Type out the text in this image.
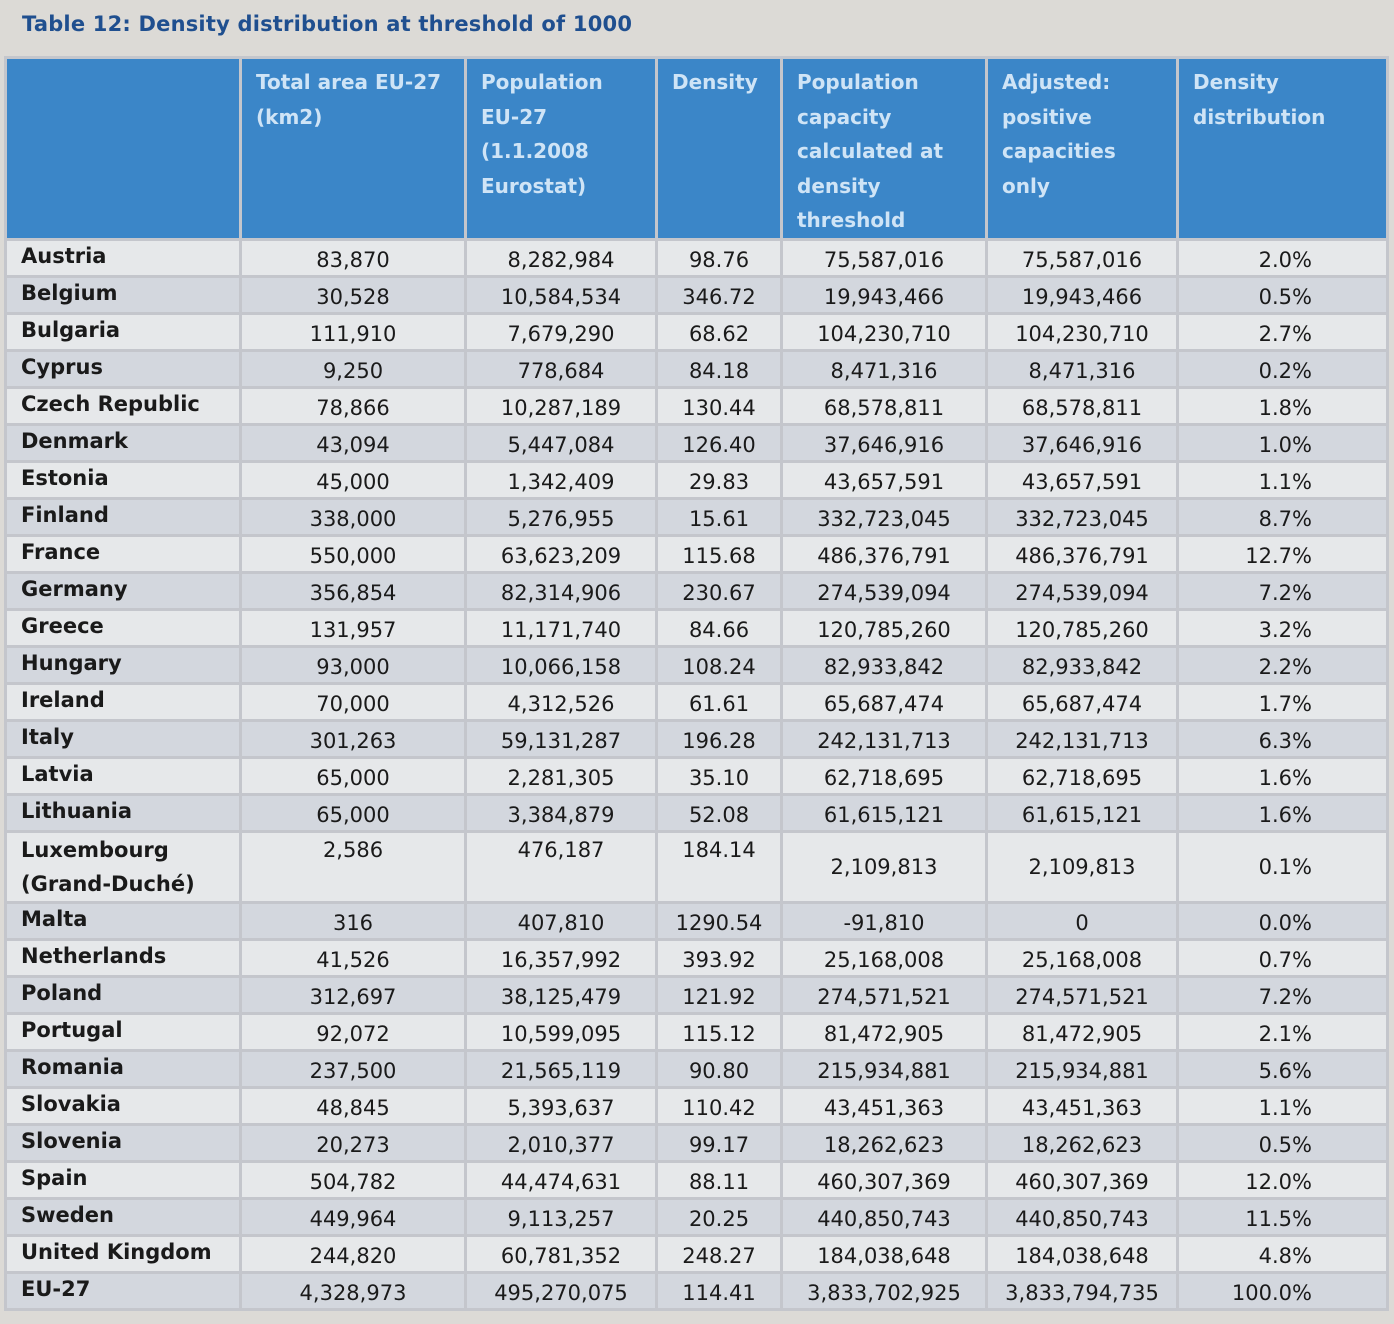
Table 12: Density distribution at threshold of 1000
	Total area EU-27 (km2)	Population EU-27 (1.1.2008 Eurostat)	Density	Population capacity calculated at density threshold	Adjusted: positive capacities only	Density distribution
Austria	83,870	8,282,984	98.76	75,587,016	75,587,016	2.0%
Belgium	30,528	10,584,534	346.72	19,943,466	19,943,466	0.5%
Bulgaria	111,910	7,679,290	68.62	104,230,710	104,230,710	2.7%
Cyprus	9,250	778,684	84.18	8,471,316	8,471,316	0.2%
Czech Republic	78,866	10,287,189	130.44	68,578,811	68,578,811	1.8%
Denmark	43,094	5,447,084	126.40	37,646,916	37,646,916	1.0%
Estonia	45,000	1,342,409	29.83	43,657,591	43,657,591	1.1%
Finland	338,000	5,276,955	15.61	332,723,045	332,723,045	8.7%
France	550,000	63,623,209	115.68	486,376,791	486,376,791	12.7%
Germany	356,854	82,314,906	230.67	274,539,094	274,539,094	7.2%
Greece	131,957	11,171,740	84.66	120,785,260	120,785,260	3.2%
Hungary	93,000	10,066,158	108.24	82,933,842	82,933,842	2.2%
Ireland	70,000	4,312,526	61.61	65,687,474	65,687,474	1.7%
Italy	301,263	59,131,287	196.28	242,131,713	242,131,713	6.3%
Latvia	65,000	2,281,305	35.10	62,718,695	62,718,695	1.6%
Lithuania	65,000	3,384,879	52.08	61,615,121	61,615,121	1.6%
Luxembourg (Grand-Duché)	2,586	476,187	184.14	2,109,813	2,109,813	0.1%
Malta	316	407,810	1290.54	-91,810	0	0.0%
Netherlands	41,526	16,357,992	393.92	25,168,008	25,168,008	0.7%
Poland	312,697	38,125,479	121.92	274,571,521	274,571,521	7.2%
Portugal	92,072	10,599,095	115.12	81,472,905	81,472,905	2.1%
Romania	237,500	21,565,119	90.80	215,934,881	215,934,881	5.6%
Slovakia	48,845	5,393,637	110.42	43,451,363	43,451,363	1.1%
Slovenia	20,273	2,010,377	99.17	18,262,623	18,262,623	0.5%
Spain	504,782	44,474,631	88.11	460,307,369	460,307,369	12.0%
Sweden	449,964	9,113,257	20.25	440,850,743	440,850,743	11.5%
United Kingdom	244,820	60,781,352	248.27	184,038,648	184,038,648	4.8%
EU-27	4,328,973	495,270,075	114.41	3,833,702,925	3,833,794,735	100.0%
